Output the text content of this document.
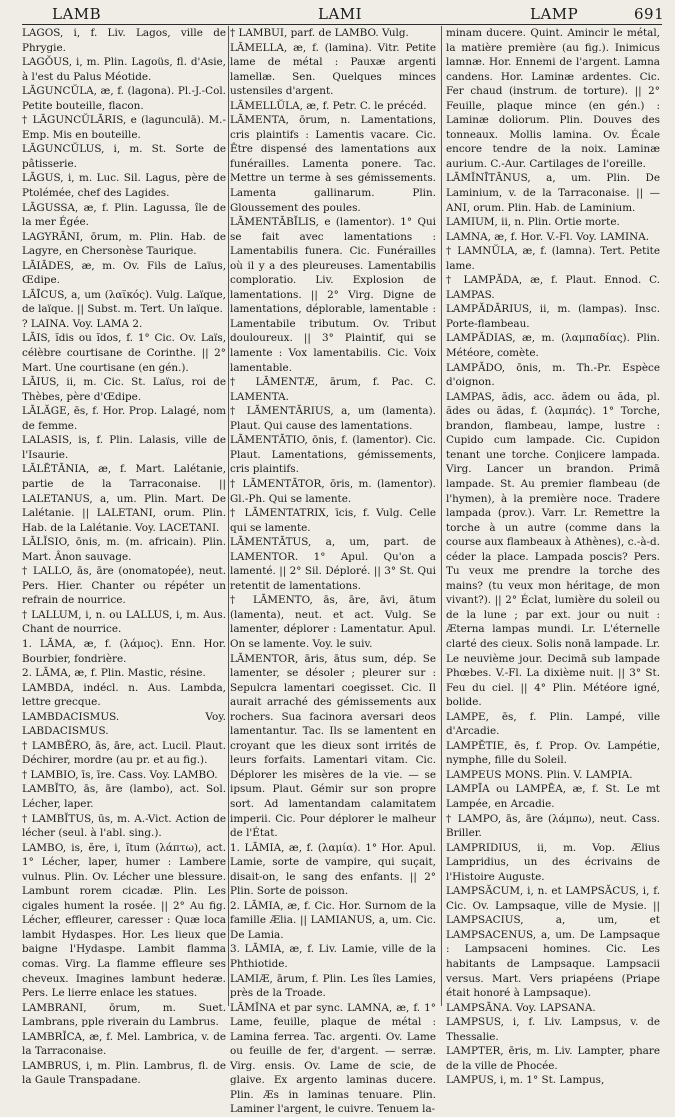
LAMB	LAMI	LAMP	691

LAGOS, i, f. Liv. Lagos, ville de Phrygie.

LAGŎUS, i, m. Plin. Lagoüs, fl. d'Asie, à l'est du Palus Méotide.

LĀGUNCŬLA, æ, f. (lagona). Pl.-J.-Col. Petite bouteille, flacon.

† LĀGUNCŬLĀRIS, e (lagunculā). M.-Emp. Mis en bouteille.

LĀGUNCŬLUS, i, m. St. Sorte de pâtisserie.

LĀGUS, i, m. Luc. Sil. Lagus, père de Ptolémée, chef des Lagides.

LĀGUSSA, æ, f. Plin. Lagussa, île de la mer Égée.

LAGYRĀNI, ōrum, m. Plin. Hab. de Lagyre, en Chersonèse Taurique.

LĀIĀDES, æ, m. Ov. Fils de Laïus, Œdipe.

LĀĪCUS, a, um (λαϊκός). Vulg. Laïque, de laïque. || Subst. m. Tert. Un laïque.

? LAINA. Voy. LAMA 2.

LĀIS, ĭdis ou ĭdos, f. 1° Cic. Ov. Laïs, célèbre courtisane de Corinthe. || 2° Mart. Une courtisane (en gén.).

LĀIUS, ii, m. Cic. St. Laïus, roi de Thèbes, père d'Œdipe.

LĀLĂGE, ēs, f. Hor. Prop. Lalagé, nom de femme.

LALASIS, is, f. Plin. Lalasis, ville de l'Isaurie.

LĀLĒTĀNIA, æ, f. Mart. Lalétanie, partie de la Tarraconaise. || LALETANUS, a, um. Plin. Mart. De Lalétanie. || LALETANI, orum. Plin. Hab. de la Lalétanie. Voy. LACETANI.

LĀLĬSIO, ōnis, m. (m. africain). Plin. Mart. Ânon sauvage.

† LALLO, ās, āre (onomatopée), neut. Pers. Hier. Chanter ou répéter un refrain de nourrice.

† LALLUM, i, n. ou LALLUS, i, m. Aus. Chant de nourrice.

1. LĀMA, æ, f. (λάμος). Enn. Hor. Bourbier, fondrière.

2. LĀMA, æ, f. Plin. Mastic, résine.

LAMBDA, indécl. n. Aus. Lambda, lettre grecque.

LAMBDACISMUS. Voy. LABDACISMUS.

† LAMBĔRO, ās, āre, act. Lucil. Plaut. Déchirer, mordre (au pr. et au fig.).

† LAMBIO, īs, īre. Cass. Voy. LAMBO.

LAMBĬTO, ās, āre (lambo), act. Sol. Lécher, laper.

† LAMBĬTUS, ūs, m. A.-Vict. Action de lécher (seul. à l'abl. sing.).

LAMBO, is, ĕre, i, ĭtum (λάπτω), act. 1° Lécher, laper, humer : Lambere vulnus. Plin. Ov. Lécher une blessure. Lambunt rorem cicadæ. Plin. Les cigales hument la rosée. || 2° Au fig. Lécher, effleurer, caresser : Quæ loca lambit Hydaspes. Hor. Les lieux que baigne l'Hydaspe. Lambit flamma comas. Virg. La flamme effleure ses cheveux. Imagines lambunt hederæ. Pers. Le lierre enlace les statues.

LAMBRANI, ōrum, m. Suet. Lambrans, pple riverain du Lambrus.

LAMBRĬCA, æ, f. Mel. Lambrica, v. de la Tarraconaise.

LAMBRUS, i, m. Plin. Lambrus, fl. de la Gaule Transpadane.

† LAMBUI, parf. de LAMBO. Vulg.

LĀMELLA, æ, f. (lamina). Vitr. Petite lame de métal : Pauxæ argenti lamellæ. Sen. Quelques minces ustensiles d'argent.

LĀMELLŬLA, æ, f. Petr. C. le précéd.

LĀMENTA, ōrum, n. Lamentations, cris plaintifs : Lamentis vacare. Cic. Être dispensé des lamentations aux funérailles. Lamenta ponere. Tac. Mettre un terme à ses gémissements. Lamenta gallinarum. Plin. Gloussement des poules.

LĀMENTĀBĬLIS, e (lamentor). 1° Qui se fait avec lamentations : Lamentabilis funera. Cic. Funérailles où il y a des pleureuses. Lamentabilis comploratio. Liv. Explosion de lamentations. || 2° Virg. Digne de lamentations, déplorable, lamentable : Lamentabile tributum. Ov. Tribut douloureux. || 3° Plaintif, qui se lamente : Vox lamentabilis. Cic. Voix lamentable.

† LĀMENTÆ, ārum, f. Pac. C. LAMENTA.

† LĀMENTĀRIUS, a, um (lamenta). Plaut. Qui cause des lamentations.

LĀMENTĀTIO, ōnis, f. (lamentor). Cic. Plaut. Lamentations, gémissements, cris plaintifs.

† LĀMENTĀTOR, ōris, m. (lamentor). Gl.-Ph. Qui se lamente.

† LĀMENTATRIX, īcis, f. Vulg. Celle qui se lamente.

LĀMENTĀTUS, a, um, part. de LAMENTOR. 1° Apul. Qu'on a lamenté. || 2° Sil. Déploré. || 3° St. Qui retentit de lamentations.

† LĀMENTO, ās, āre, āvi, ātum (lamenta), neut. et act. Vulg. Se lamenter, déplorer : Lamentatur. Apul. On se lamente. Voy. le suiv.

LĀMENTOR, āris, ātus sum, dép. Se lamenter, se désoler ; pleurer sur : Sepulcra lamentari coegisset. Cic. Il aurait arraché des gémissements aux rochers. Sua facinora aversari deos lamentantur. Tac. Ils se lamentent en croyant que les dieux sont irrités de leurs forfaits. Lamentari vitam. Cic. Déplorer les misères de la vie. — se ipsum. Plaut. Gémir sur son propre sort. Ad lamentandam calamitatem imperii. Cic. Pour déplorer le malheur de l'État.

1. LĀMIA, æ, f. (λαμία). 1° Hor. Apul. Lamie, sorte de vampire, qui suçait, disait-on, le sang des enfants. || 2° Plin. Sorte de poisson.

2. LĀMIA, æ, f. Cic. Hor. Surnom de la famille Ælia. || LAMIANUS, a, um. Cic. De Lamia.

3. LĀMIA, æ, f. Liv. Lamie, ville de la Phthiotide.

LAMIÆ, ārum, f. Plin. Les îles Lamies, près de la Troade.

LĀMĬNA et par sync. LAMNA, æ, f. 1° Lame, feuille, plaque de métal : Lamina ferrea. Tac. argenti. Ov. Lame ou feuille de fer, d'argent. — serræ. Virg. ensis. Ov. Lame de scie, de glaive. Ex argento laminas ducere. Plin. Æs in laminas tenuare. Plin. Laminer l'argent, le cuivre. Tenuem la-

minam ducere. Quint. Amincir le métal, la matière première (au fig.). Inimicus lamnæ. Hor. Ennemi de l'argent. Lamna candens. Hor. Laminæ ardentes. Cic. Fer chaud (instrum. de torture). || 2° Feuille, plaque mince (en gén.) : Laminæ doliorum. Plin. Douves des tonneaux. Mollis lamina. Ov. Écale encore tendre de la noix. Laminæ aurium. C.-Aur. Cartilages de l'oreille.

LĀMĬNĪTĀNUS, a, um. Plin. De Laminium, v. de la Tarraconaise. || — ANI, orum. Plin. Hab. de Laminium.

LAMIUM, ii, n. Plin. Ortie morte.

LAMNA, æ, f. Hor. V.-Fl. Voy. LAMINA.

† LAMNŬLA, æ, f. (lamna). Tert. Petite lame.

† LAMPĂDA, æ, f. Plaut. Ennod. C. LAMPAS.

LAMPĂDĀRIUS, ii, m. (lampas). Insc. Porte-flambeau.

LAMPĂDIAS, æ, m. (λαμπαδίας). Plin. Météore, comète.

LAMPĂDO, ōnis, m. Th.-Pr. Espèce d'oignon.

LAMPAS, ădis, acc. ădem ou ăda, pl. ădes ou ădas, f. (λαμπάς). 1° Torche, brandon, flambeau, lampe, lustre : Cupido cum lampade. Cic. Cupidon tenant une torche. Conjicere lampada. Virg. Lancer un brandon. Primā lampade. St. Au premier flambeau (de l'hymen), à la première noce. Tradere lampada (prov.). Varr. Lr. Remettre la torche à un autre (comme dans la course aux flambeaux à Athènes), c.-à-d. céder la place. Lampada poscis? Pers. Tu veux me prendre la torche des mains? (tu veux mon héritage, de mon vivant?). || 2° Éclat, lumière du soleil ou de la lune ; par ext. jour ou nuit : Æterna lampas mundi. Lr. L'éternelle clarté des cieux. Solis nonā lampade. Lr. Le neuvième jour. Decimā sub lampade Phœbes. V.-Fl. La dixième nuit. || 3° St. Feu du ciel. || 4° Plin. Météore igné, bolide.

LAMPE, ēs, f. Plin. Lampé, ville d'Arcadie.

LAMPĔTIE, ēs, f. Prop. Ov. Lampétie, nymphe, fille du Soleil.

LAMPEUS MONS. Plin. V. LAMPIA.

LAMPĪA ou LAMPĒA, æ, f. St. Le mt Lampée, en Arcadie.

† LAMPO, ās, āre (λάμπω), neut. Cass. Briller.

LAMPRIDIUS, ii, m. Vop. Ælius Lampridius, un des écrivains de l'Histoire Auguste.

LAMPSĂCUM, i, n. et LAMPSĂCUS, i, f. Cic. Ov. Lampsaque, ville de Mysie. || LAMPSACIUS, a, um, et LAMPSACENUS, a, um. De Lampsaque : Lampsaceni homines. Cic. Les habitants de Lampsaque. Lampsacii versus. Mart. Vers priapéens (Priape était honoré à Lampsaque).

LAMPSĀNA. Voy. LAPSANA.

LAMPSUS, i, f. Liv. Lampsus, v. de Thessalie.

LAMPTER, ēris, m. Liv. Lampter, phare de la ville de Phocée.

LAMPUS, i, m. 1° St. Lampus,
